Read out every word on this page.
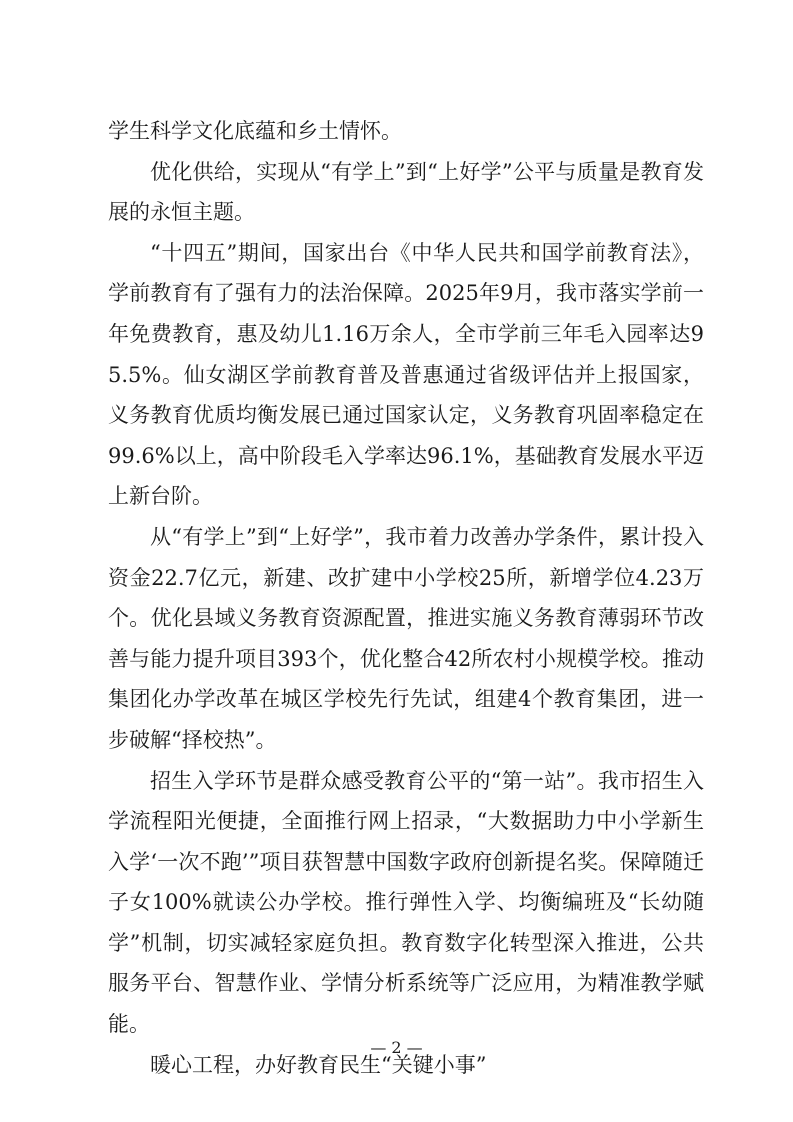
学生科学文化底蕴和乡土情怀。

优化供给，实现从“有学上”到“上好学”公平与质量是教育发展的永恒主题。

“十四五”期间，国家出台《中华人民共和国学前教育法》，学前教育有了强有力的法治保障。2025年9月，我市落实学前一年免费教育，惠及幼儿1.16万余人，全市学前三年毛入园率达95.5%。仙女湖区学前教育普及普惠通过省级评估并上报国家，义务教育优质均衡发展已通过国家认定，义务教育巩固率稳定在99.6%以上，高中阶段毛入学率达96.1%，基础教育发展水平迈上新台阶。

从“有学上”到“上好学”，我市着力改善办学条件，累计投入资金22.7亿元，新建、改扩建中小学校25所，新增学位4.23万个。优化县域义务教育资源配置，推进实施义务教育薄弱环节改善与能力提升项目393个，优化整合42所农村小规模学校。推动集团化办学改革在城区学校先行先试，组建4个教育集团，进一步破解“择校热”。

招生入学环节是群众感受教育公平的“第一站”。我市招生入学流程阳光便捷，全面推行网上招录，“大数据助力中小学新生入学‘一次不跑’”项目获智慧中国数字政府创新提名奖。保障随迁子女100%就读公办学校。推行弹性入学、均衡编班及“长幼随学”机制，切实减轻家庭负担。教育数字化转型深入推进，公共服务平台、智慧作业、学情分析系统等广泛应用，为精准教学赋能。

暖心工程，办好教育民生“关键小事”

— 2 —
